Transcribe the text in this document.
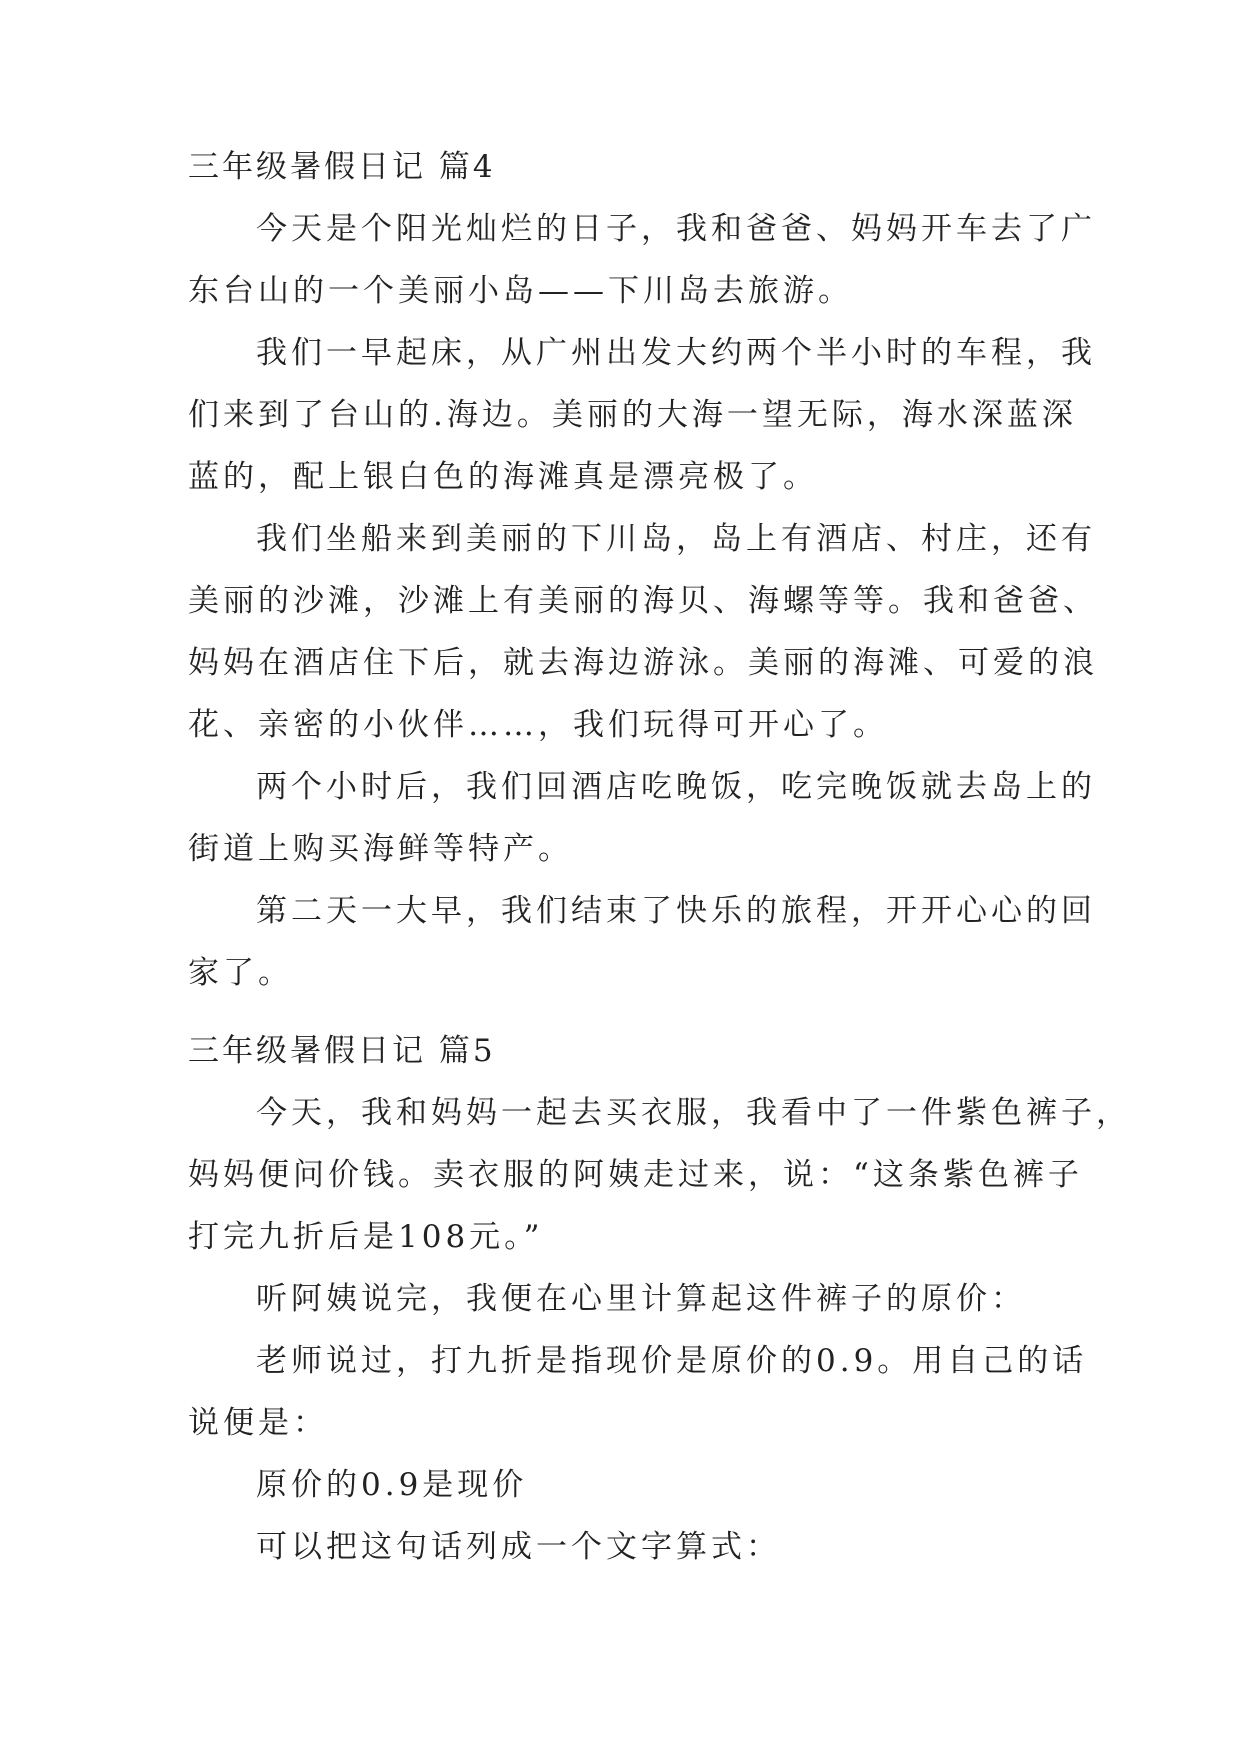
三年级暑假日记 篇4
今天是个阳光灿烂的日子，我和爸爸、妈妈开车去了广
东台山的一个美丽小岛——下川岛去旅游。
我们一早起床，从广州出发大约两个半小时的车程，我
们来到了台山的.海边。美丽的大海一望无际，海水深蓝深
蓝的，配上银白色的海滩真是漂亮极了。
我们坐船来到美丽的下川岛，岛上有酒店、村庄，还有
美丽的沙滩，沙滩上有美丽的海贝、海螺等等。我和爸爸、
妈妈在酒店住下后，就去海边游泳。美丽的海滩、可爱的浪
花、亲密的小伙伴……，我们玩得可开心了。
两个小时后，我们回酒店吃晚饭，吃完晚饭就去岛上的
街道上购买海鲜等特产。
第二天一大早，我们结束了快乐的旅程，开开心心的回
家了。
三年级暑假日记 篇5
今天，我和妈妈一起去买衣服，我看中了一件紫色裤子，
妈妈便问价钱。卖衣服的阿姨走过来，说：“这条紫色裤子
打完九折后是108元。”
听阿姨说完，我便在心里计算起这件裤子的原价：
老师说过，打九折是指现价是原价的0.9。用自己的话
说便是：
原价的0.9是现价
可以把这句话列成一个文字算式：
